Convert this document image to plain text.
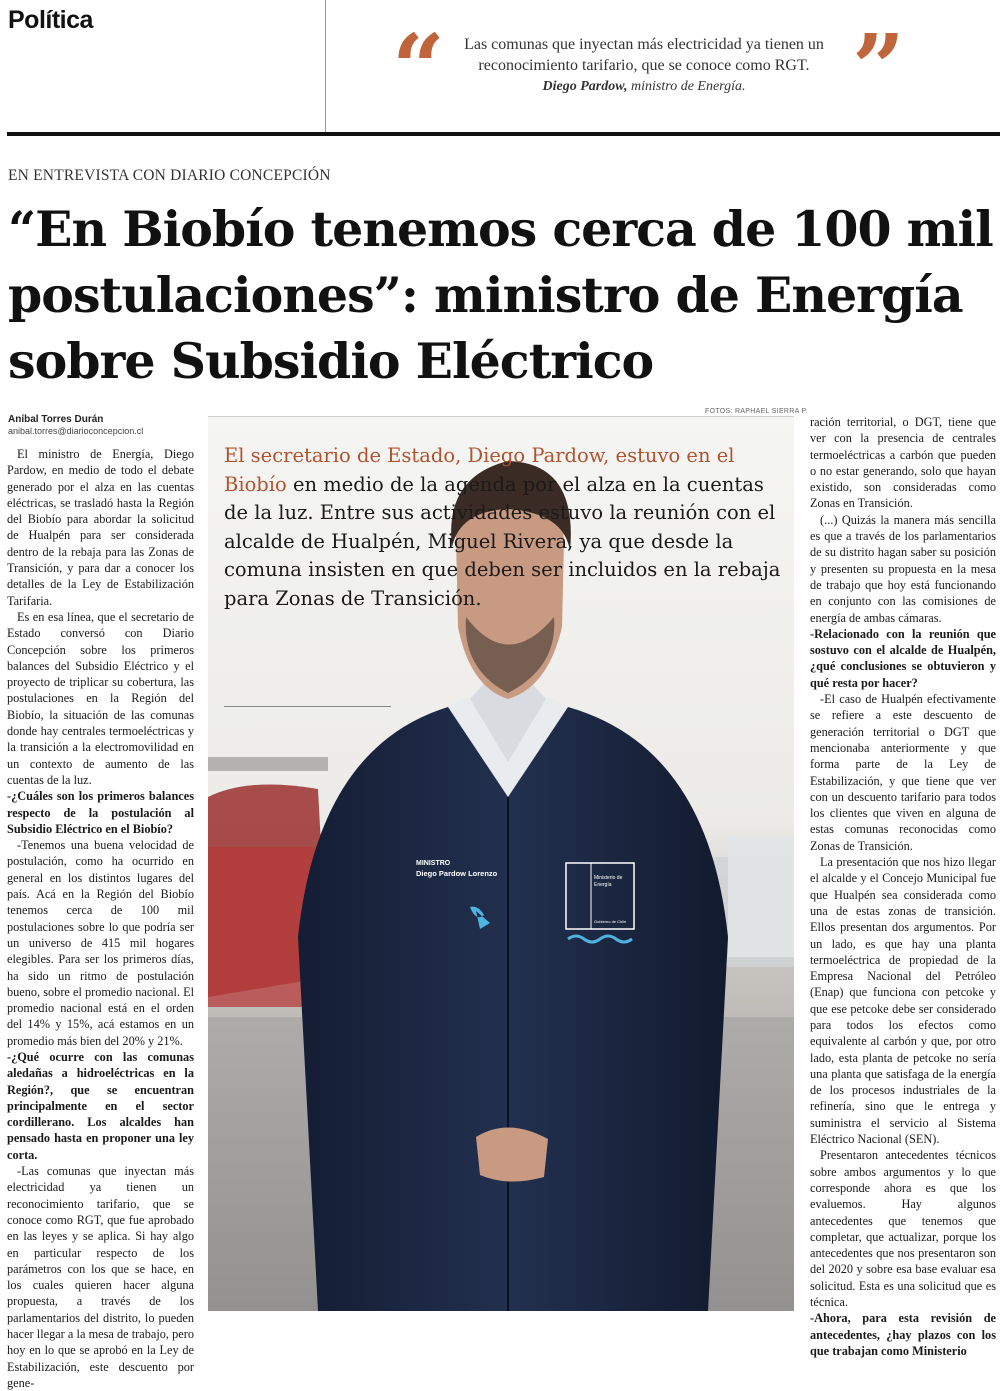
Política	“	Las comunas que inyectan más electricidad ya tienen un reconocimiento tarifario, que se conoce como RGT.
Diego Pardow, ministro de Energía.	”
EN ENTREVISTA CON DIARIO CONCEPCIÓN
“En Biobío tenemos cerca de 100 mil postulaciones”: ministro de Energía sobre Subsidio Eléctrico
Aníbal Torres Durán
anibal.torres@diarioconcepcion.cl
FOTOS: RAPHAEL SIERRA P.

El ministro de Energía, Diego Pardow, en medio de todo el debate generado por el alza en las cuentas eléctricas, se trasladó hasta la Región del Biobío para abordar la solicitud de Hualpén para ser considerada dentro de la rebaja para las Zonas de Transición, y para dar a conocer los detalles de la Ley de Estabilización Tarifaria.

Es en esa línea, que el secretario de Estado conversó con Diario Concepción sobre los primeros balances del Subsidio Eléctrico y el proyecto de triplicar su cobertura, las postulaciones en la Región del Biobío, la situación de las comunas donde hay centrales termoeléctricas y la transición a la electromovilidad en un contexto de aumento de las cuentas de la luz.

-¿Cuáles son los primeros balances respecto de la postulación al Subsidio Eléctrico en el Biobío?

-Tenemos una buena velocidad de postulación, como ha ocurrido en general en los distintos lugares del país. Acá en la Región del Biobío tenemos cerca de 100 mil postulaciones sobre lo que podría ser un universo de 415 mil hogares elegibles. Para ser los primeros días, ha sido un ritmo de postulación bueno, sobre el promedio nacional. El promedio nacional está en el orden del 14% y 15%, acá estamos en un promedio más bien del 20% y 21%.

-¿Qué ocurre con las comunas aledañas a hidroeléctricas en la Región?, que se encuentran principalmente en el sector cordillerano. Los alcaldes han pensado hasta en proponer una ley corta.

-Las comunas que inyectan más electricidad ya tienen un reconocimiento tarifario, que se conoce como RGT, que fue aprobado en las leyes y se aplica. Si hay algo en particular respecto de los parámetros con los que se hace, en los cuales quieren hacer alguna propuesta, a través de los parlamentarios del distrito, lo pueden hacer llegar a la mesa de trabajo, pero hoy en lo que se aprobó en la Ley de Estabilización, este descuento por gene-

MINISTRO
Diego Pardow Lorenzo	Ministerio de
Energía
Gobierno de Chile
El secretario de Estado, Diego Pardow, estuvo en el Biobío en medio de la agenda por el alza en la cuentas de la luz. Entre sus actividades estuvo la reunión con el alcalde de Hualpén, Miguel Rivera, ya que desde la comuna insisten en que deben ser incluidos en la rebaja para Zonas de Transición.

ración territorial, o DGT, tiene que ver con la presencia de centrales termoeléctricas a carbón que pueden o no estar generando, solo que hayan existido, son consideradas como Zonas en Transición.

(...) Quizás la manera más sencilla es que a través de los parlamentarios de su distrito hagan saber su posición y presenten su propuesta en la mesa de trabajo que hoy está funcionando en conjunto con las comisiones de energía de ambas cámaras.

-Relacionado con la reunión que sostuvo con el alcalde de Hualpén, ¿qué conclusiones se obtuvieron y qué resta por hacer?

-El caso de Hualpén efectivamente se refiere a este descuento de generación territorial o DGT que mencionaba anteriormente y que forma parte de la Ley de Estabilización, y que tiene que ver con un descuento tarifario para todos los clientes que viven en alguna de estas comunas reconocidas como Zonas de Transición.

La presentación que nos hizo llegar el alcalde y el Concejo Municipal fue que Hualpén sea considerada como una de estas zonas de transición. Ellos presentan dos argumentos. Por un lado, es que hay una planta termoeléctrica de propiedad de la Empresa Nacional del Petróleo (Enap) que funciona con petcoke y que ese petcoke debe ser considerado para todos los efectos como equivalente al carbón y que, por otro lado, esta planta de petcoke no sería una planta que satisfaga de la energía de los procesos industriales de la refinería, sino que le entrega y suministra el servicio al Sistema Eléctrico Nacional (SEN).

Presentaron antecedentes técnicos sobre ambos argumentos y lo que corresponde ahora es que los evaluemos. Hay algunos antecedentes que tenemos que completar, que actualizar, porque los antecedentes que nos presentaron son del 2020 y sobre esa base evaluar esa solicitud. Esta es una solicitud que es técnica.

-Ahora, para esta revisión de antecedentes, ¿hay plazos con los que trabajan como Ministerio
